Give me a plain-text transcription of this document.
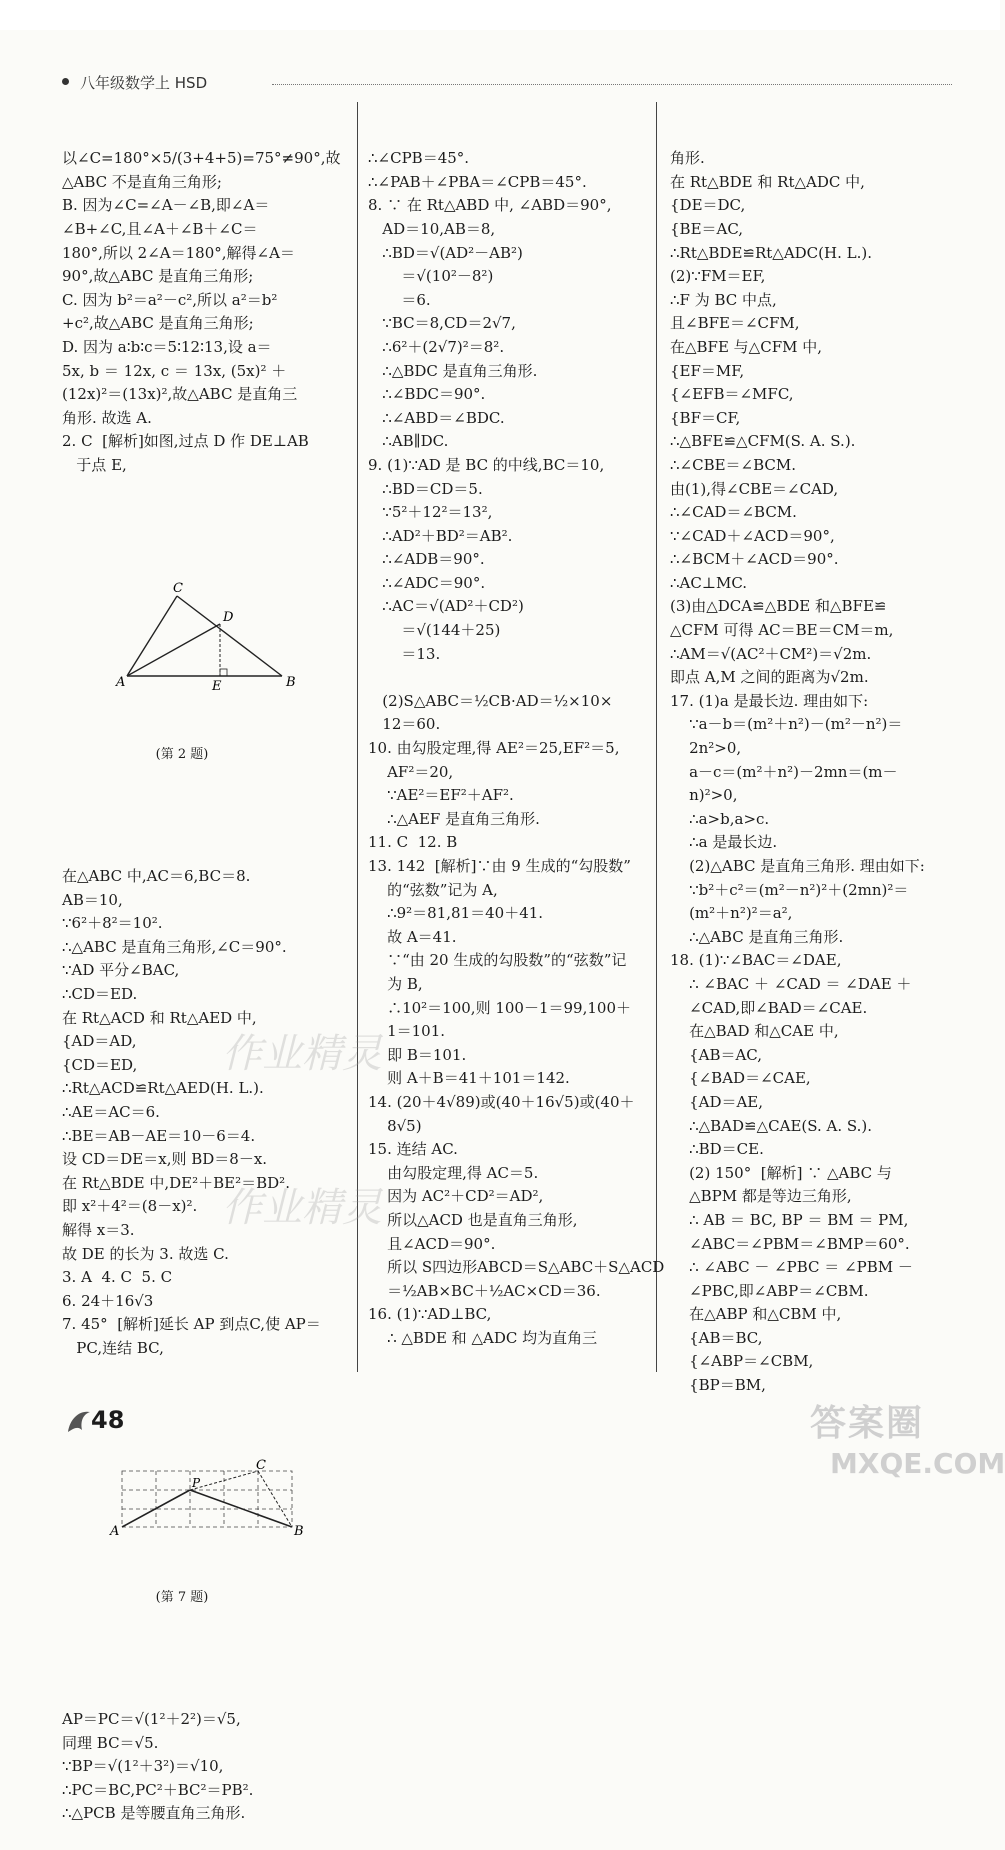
八年级数学上 HSD

以∠C=180°×5/(3+4+5)=75°≠90°,故
△ABC 不是直角三角形;
B. 因为∠C=∠A－∠B,即∠A＝
∠B+∠C,且∠A＋∠B＋∠C＝
180°,所以 2∠A＝180°,解得∠A＝
90°,故△ABC 是直角三角形;
C. 因为 b²＝a²－c²,所以 a²＝b²
+c²,故△ABC 是直角三角形;
D. 因为 a∶b∶c＝5∶12∶13,设 a＝
5x, b ＝ 12x, c ＝ 13x, (5x)² ＋
(12x)²＝(13x)²,故△ABC 是直角三
角形. 故选 A.
2. C  [解析]如图,过点 D 作 DE⊥AB
于点 E,

C
D
A	E	B

(第 2 题)

在△ABC 中,AC＝6,BC＝8.
AB＝10,
∵6²＋8²＝10².
∴△ABC 是直角三角形,∠C＝90°.
∵AD 平分∠BAC,
∴CD＝ED.
在 Rt△ACD 和 Rt△AED 中,
{AD＝AD,
{CD＝ED,
∴Rt△ACD≌Rt△AED(H. L.).
∴AE＝AC＝6.
∴BE＝AB－AE＝10－6＝4.
设 CD＝DE＝x,则 BD＝8－x.
在 Rt△BDE 中,DE²＋BE²＝BD².
即 x²＋4²＝(8－x)².
解得 x＝3.
故 DE 的长为 3. 故选 C.
3. A  4. C  5. C
6. 24＋16√3
7. 45°  [解析]延长 AP 到点C,使 AP＝
PC,连结 BC,

C
P
A	B

(第 7 题)

AP＝PC＝√(1²＋2²)＝√5,
同理 BC＝√5.
∵BP＝√(1²＋3²)＝√10,
∴PC＝BC,PC²＋BC²＝PB².
∴△PCB 是等腰直角三角形.

∴∠CPB＝45°.
∴∠PAB＋∠PBA＝∠CPB＝45°.
8. ∵ 在 Rt△ABD 中, ∠ABD＝90°,
AD＝10,AB＝8,
∴BD＝√(AD²－AB²)
＝√(10²－8²)
＝6.
∵BC＝8,CD＝2√7,
∴6²＋(2√7)²＝8².
∴△BDC 是直角三角形.
∴∠BDC＝90°.
∴∠ABD＝∠BDC.
∴AB∥DC.
9. (1)∵AD 是 BC 的中线,BC＝10,
∴BD＝CD＝5.
∵5²＋12²＝13²,
∴AD²＋BD²＝AB².
∴∠ADB＝90°.
∴∠ADC＝90°.
∴AC＝√(AD²＋CD²)
＝√(144＋25)
＝13.
(2)S△ABC＝½CB·AD＝½×10×
12＝60.
10. 由勾股定理,得 AE²＝25,EF²＝5,
AF²＝20,
∵AE²＝EF²＋AF².
∴△AEF 是直角三角形.
11. C  12. B
13. 142  [解析]∵由 9 生成的“勾股数”
的“弦数”记为 A,
∴9²＝81,81＝40＋41.
故 A＝41.
∵“由 20 生成的勾股数”的“弦数”记
为 B,
∴10²＝100,则 100－1＝99,100＋
1＝101.
即 B＝101.
则 A＋B＝41＋101＝142.
14. (20＋4√89)或(40＋16√5)或(40＋
8√5)
15. 连结 AC.
由勾股定理,得 AC＝5.
因为 AC²＋CD²＝AD²,
所以△ACD 也是直角三角形,
且∠ACD＝90°.
所以 S四边形ABCD＝S△ABC＋S△ACD
＝½AB×BC＋½AC×CD＝36.
16. (1)∵AD⊥BC,
∴ △BDE 和 △ADC 均为直角三

角形.
在 Rt△BDE 和 Rt△ADC 中,
{DE＝DC,
{BE＝AC,
∴Rt△BDE≌Rt△ADC(H. L.).
(2)∵FM＝EF,
∴F 为 BC 中点,
且∠BFE＝∠CFM,
在△BFE 与△CFM 中,
{EF＝MF,
{∠EFB＝∠MFC,
{BF＝CF,
∴△BFE≌△CFM(S. A. S.).
∴∠CBE＝∠BCM.
由(1),得∠CBE＝∠CAD,
∴∠CAD＝∠BCM.
∵∠CAD＋∠ACD＝90°,
∴∠BCM＋∠ACD＝90°.
∴AC⊥MC.
(3)由△DCA≌△BDE 和△BFE≌
△CFM 可得 AC＝BE＝CM＝m,
∴AM＝√(AC²＋CM²)＝√2m.
即点 A,M 之间的距离为√2m.
17. (1)a 是最长边. 理由如下:
∵a－b＝(m²＋n²)－(m²－n²)＝
2n²>0,
a－c＝(m²＋n²)－2mn＝(m－
n)²>0,
∴a>b,a>c.
∴a 是最长边.
(2)△ABC 是直角三角形. 理由如下:
∵b²＋c²＝(m²－n²)²＋(2mn)²＝
(m²＋n²)²＝a²,
∴△ABC 是直角三角形.
18. (1)∵∠BAC＝∠DAE,
∴ ∠BAC ＋ ∠CAD ＝ ∠DAE ＋
∠CAD,即∠BAD＝∠CAE.
在△BAD 和△CAE 中,
{AB＝AC,
{∠BAD＝∠CAE,
{AD＝AE,
∴△BAD≌△CAE(S. A. S.).
∴BD＝CE.
(2) 150°  [解析] ∵ △ABC 与
△BPM 都是等边三角形,
∴ AB ＝ BC, BP ＝ BM ＝ PM,
∠ABC＝∠PBM＝∠BMP＝60°.
∴ ∠ABC － ∠PBC ＝ ∠PBM －
∠PBC,即∠ABP＝∠CBM.
在△ABP 和△CBM 中,
{AB＝BC,
{∠ABP＝∠CBM,
{BP＝BM,

作业精灵
作业精灵
48	答案圈
MXQE.COM
